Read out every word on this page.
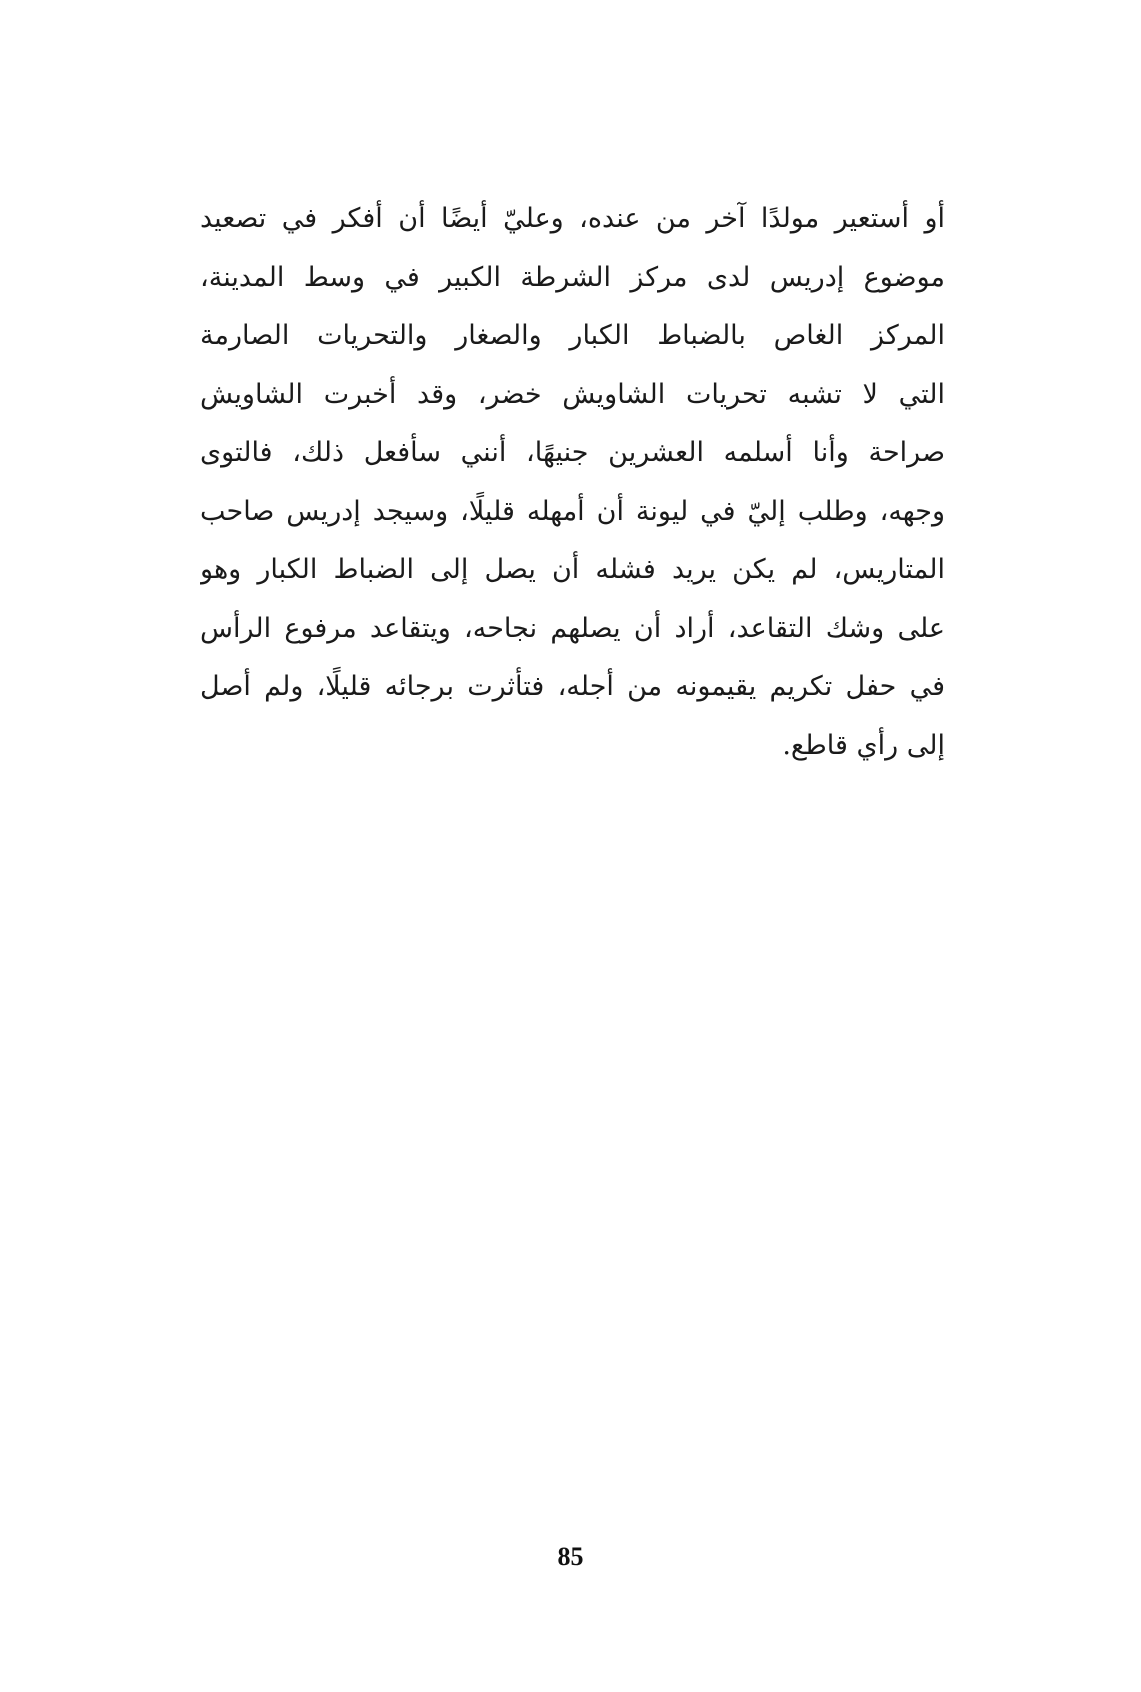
أو أستعير مولدًا آخر من عنده، وعليّ أيضًا أن أفكر في تصعيد
موضوع إدريس لدى مركز الشرطة الكبير في وسط المدينة،
المركز الغاص بالضباط الكبار والصغار والتحريات الصارمة
التي لا تشبه تحريات الشاويش خضر، وقد أخبرت الشاويش
صراحة وأنا أسلمه العشرين جنيهًا، أنني سأفعل ذلك، فالتوى
وجهه، وطلب إليّ في ليونة أن أمهله قليلًا، وسيجد إدريس صاحب
المتاريس، لم يكن يريد فشله أن يصل إلى الضباط الكبار وهو
على وشك التقاعد، أراد أن يصلهم نجاحه، ويتقاعد مرفوع الرأس
في حفل تكريم يقيمونه من أجله، فتأثرت برجائه قليلًا، ولم أصل
إلى رأي قاطع.
85
